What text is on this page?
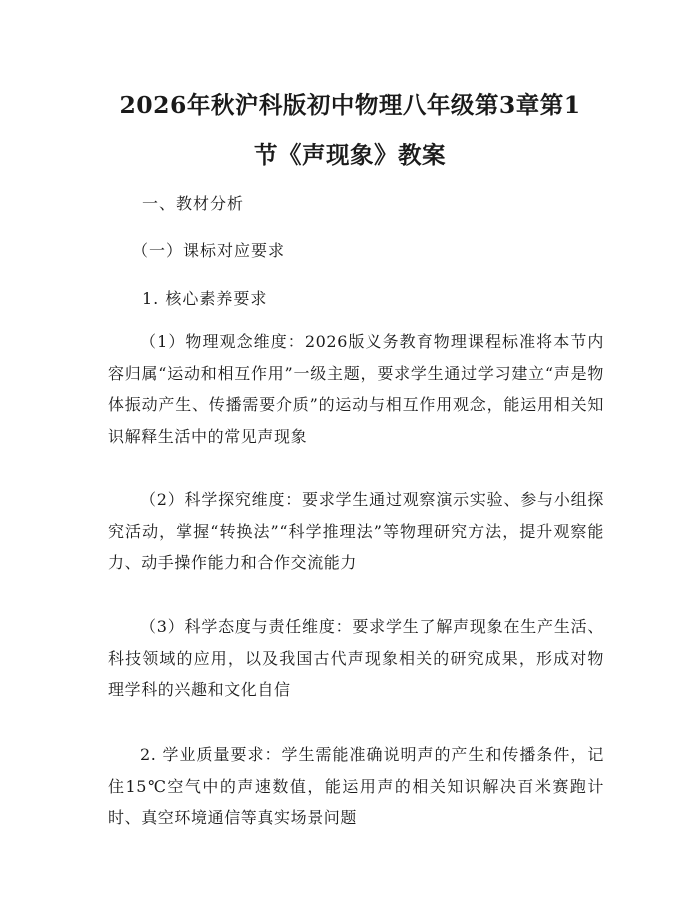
2026年秋沪科版初中物理八年级第3章第1
节《声现象》教案
一、教材分析
（一）课标对应要求
1. 核心素养要求
（1）物理观念维度：2026版义务教育物理课程标准将本节内容归属“运动和相互作用”一级主题，要求学生通过学习建立“声是物体振动产生、传播需要介质”的运动与相互作用观念，能运用相关知识解释生活中的常见声现象
（2）科学探究维度：要求学生通过观察演示实验、参与小组探究活动，掌握“转换法”“科学推理法”等物理研究方法，提升观察能力、动手操作能力和合作交流能力
（3）科学态度与责任维度：要求学生了解声现象在生产生活、科技领域的应用，以及我国古代声现象相关的研究成果，形成对物理学科的兴趣和文化自信
2. 学业质量要求：学生需能准确说明声的产生和传播条件，记住15℃空气中的声速数值，能运用声的相关知识解决百米赛跑计时、真空环境通信等真实场景问题
